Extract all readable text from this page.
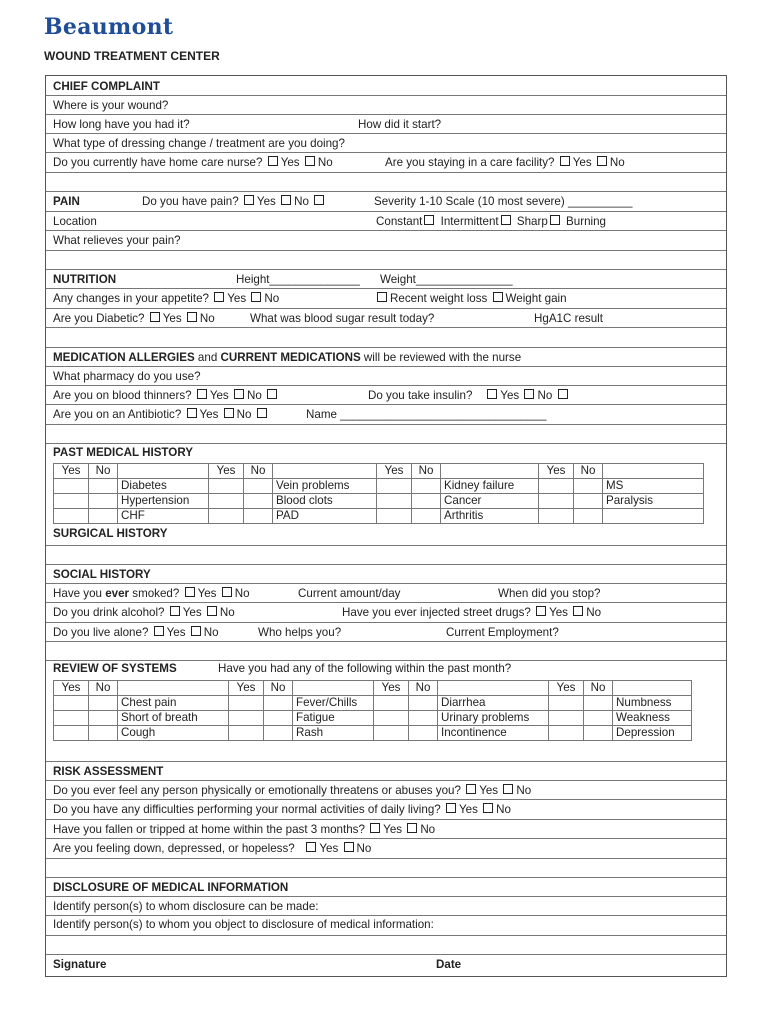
Beaumont
WOUND TREATMENT CENTER
CHIEF COMPLAINT
Where is your wound?
How long have you had it?	How did it start?
What type of dressing change / treatment are you doing?
Do you currently have home care nurse? Yes No	Are you staying in a care facility? Yes No
PAIN	Do you have pain? Yes No	Severity 1-10 Scale (10 most severe) __________
Location	Constant Intermittent Sharp Burning
What relieves your pain?
NUTRITION	Height______________ Weight_______________
Any changes in your appetite? Yes No	Recent weight loss Weight gain
Are you Diabetic? Yes No	What was blood sugar result today?	HgA1C result
MEDICATION ALLERGIES and CURRENT MEDICATIONS will be reviewed with the nurse
What pharmacy do you use?
Are you on blood thinners? Yes No	Do you take insulin? Yes No
Are you on an Antibiotic? Yes No	Name ________________________________
PAST MEDICAL HISTORY
Yes	No		Yes	No		Yes	No		Yes	No	
		Diabetes			Vein problems			Kidney failure			MS
		Hypertension			Blood clots			Cancer			Paralysis
		CHF			PAD			Arthritis			
SURGICAL HISTORY
SOCIAL HISTORY
Have you ever smoked? Yes No	Current amount/day	When did you stop?
Do you drink alcohol? Yes No	Have you ever injected street drugs? Yes No
Do you live alone? Yes No	Who helps you?	Current Employment?
REVIEW OF SYSTEMS	Have you had any of the following within the past month?
Yes	No		Yes	No		Yes	No		Yes	No	
		Chest pain			Fever/Chills			Diarrhea			Numbness
		Short of breath			Fatigue			Urinary problems			Weakness
		Cough			Rash			Incontinence			Depression
RISK ASSESSMENT
Do you ever feel any person physically or emotionally threatens or abuses you? Yes No
Do you have any difficulties performing your normal activities of daily living? Yes No
Have you fallen or tripped at home within the past 3 months? Yes No
Are you feeling down, depressed, or hopeless? Yes No
DISCLOSURE OF MEDICAL INFORMATION
Identify person(s) to whom disclosure can be made:
Identify person(s) to whom you object to disclosure of medical information:
Signature	Date
